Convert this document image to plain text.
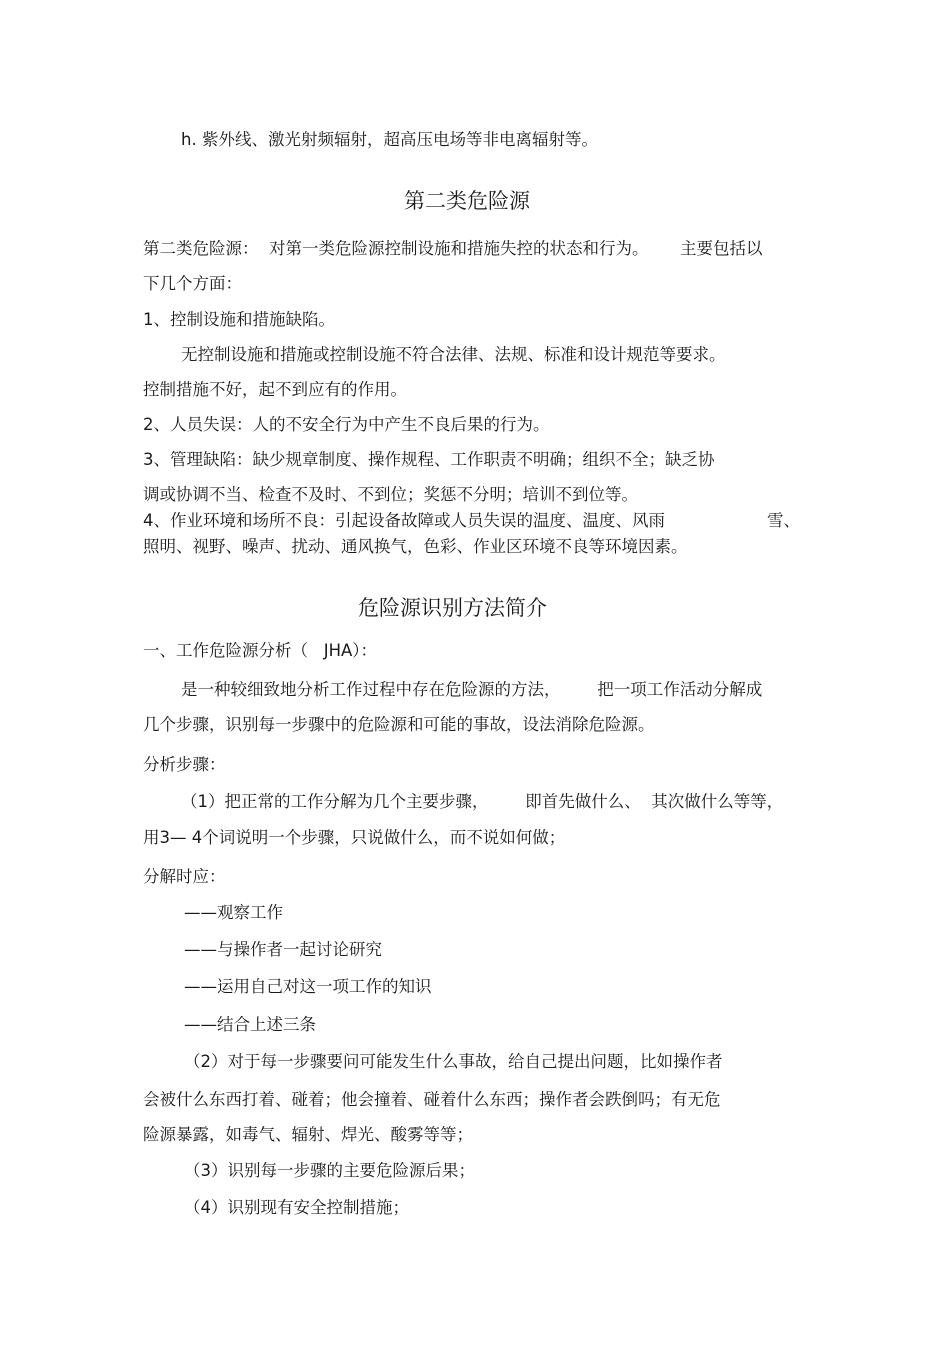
h. 紫外线、激光射频辐射，超高压电场等非电离辐射等。
第二类危险源
第二类危险源：  对第一类危险源控制设施和措施失控的状态和行为。      主要包括以
下几个方面：
1、控制设施和措施缺陷。
无控制设施和措施或控制设施不符合法律、法规、标准和设计规范等要求。
控制措施不好，起不到应有的作用。
2、人员失误：人的不安全行为中产生不良后果的行为。
3、管理缺陷：缺少规章制度、操作规程、工作职责不明确；组织不全；缺乏协
调或协调不当、检查不及时、不到位；奖惩不分明；培训不到位等。
4、作业环境和场所不良：引起设备故障或人员失误的温度、温度、风雨	雪、
照明、视野、噪声、扰动、通风换气，色彩、作业区环境不良等环境因素。
危险源识别方法简介
一、工作危险源分析（   JHA）：
是一种较细致地分析工作过程中存在危险源的方法，       把一项工作活动分解成
几个步骤，识别每一步骤中的危险源和可能的事故，设法消除危险源。
分析步骤：
（1）把正常的工作分解为几个主要步骤，       即首先做什么、  其次做什么等等，
用3— 4个词说明一个步骤，只说做什么，而不说如何做；
分解时应：
——观察工作
——与操作者一起讨论研究
——运用自己对这一项工作的知识
——结合上述三条
（2）对于每一步骤要问可能发生什么事故，给自己提出问题，比如操作者
会被什么东西打着、碰着；他会撞着、碰着什么东西；操作者会跌倒吗；有无危
险源暴露，如毒气、辐射、焊光、酸雾等等；
（3）识别每一步骤的主要危险源后果；
（4）识别现有安全控制措施；
